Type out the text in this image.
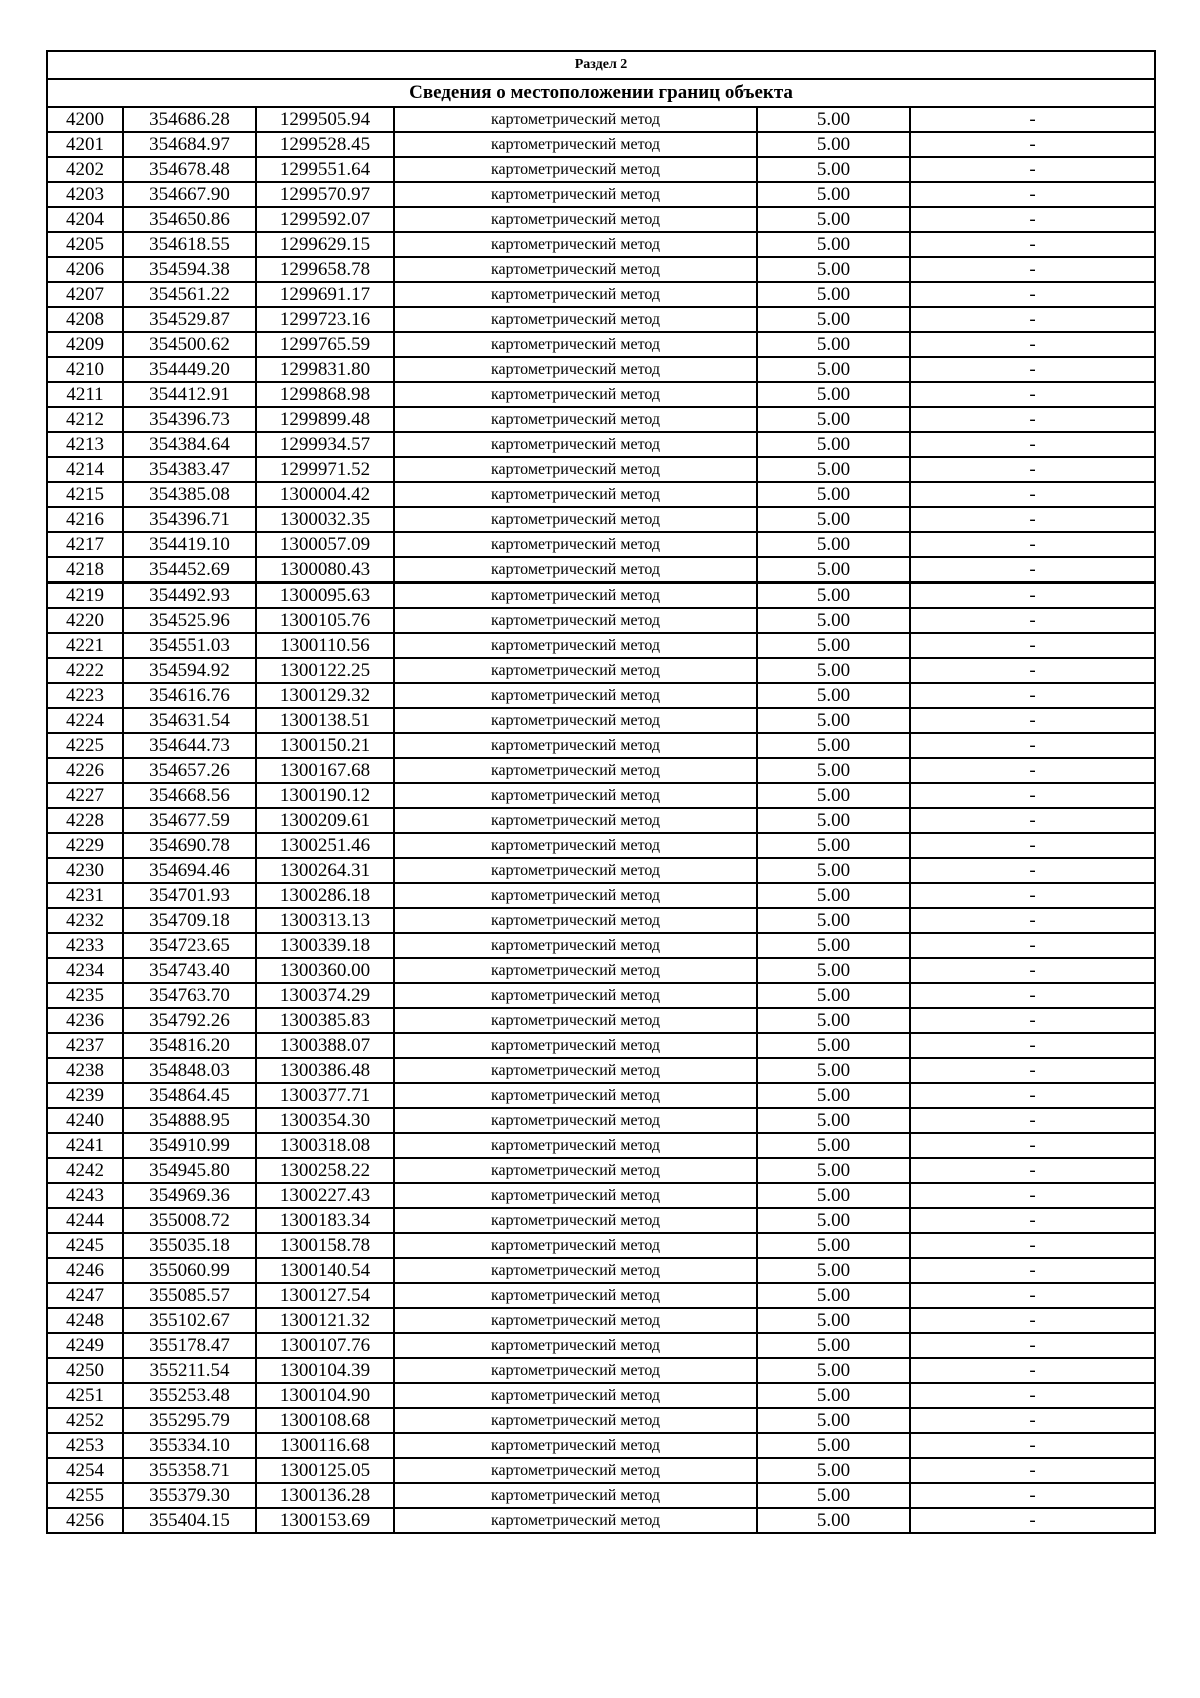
Раздел 2					
Сведения о местоположении границ объекта					
4200	354686.28	1299505.94	картометрический метод	5.00	-
4201	354684.97	1299528.45	картометрический метод	5.00	-
4202	354678.48	1299551.64	картометрический метод	5.00	-
4203	354667.90	1299570.97	картометрический метод	5.00	-
4204	354650.86	1299592.07	картометрический метод	5.00	-
4205	354618.55	1299629.15	картометрический метод	5.00	-
4206	354594.38	1299658.78	картометрический метод	5.00	-
4207	354561.22	1299691.17	картометрический метод	5.00	-
4208	354529.87	1299723.16	картометрический метод	5.00	-
4209	354500.62	1299765.59	картометрический метод	5.00	-
4210	354449.20	1299831.80	картометрический метод	5.00	-
4211	354412.91	1299868.98	картометрический метод	5.00	-
4212	354396.73	1299899.48	картометрический метод	5.00	-
4213	354384.64	1299934.57	картометрический метод	5.00	-
4214	354383.47	1299971.52	картометрический метод	5.00	-
4215	354385.08	1300004.42	картометрический метод	5.00	-
4216	354396.71	1300032.35	картометрический метод	5.00	-
4217	354419.10	1300057.09	картометрический метод	5.00	-
4218	354452.69	1300080.43	картометрический метод	5.00	-
4219	354492.93	1300095.63	картометрический метод	5.00	-
4220	354525.96	1300105.76	картометрический метод	5.00	-
4221	354551.03	1300110.56	картометрический метод	5.00	-
4222	354594.92	1300122.25	картометрический метод	5.00	-
4223	354616.76	1300129.32	картометрический метод	5.00	-
4224	354631.54	1300138.51	картометрический метод	5.00	-
4225	354644.73	1300150.21	картометрический метод	5.00	-
4226	354657.26	1300167.68	картометрический метод	5.00	-
4227	354668.56	1300190.12	картометрический метод	5.00	-
4228	354677.59	1300209.61	картометрический метод	5.00	-
4229	354690.78	1300251.46	картометрический метод	5.00	-
4230	354694.46	1300264.31	картометрический метод	5.00	-
4231	354701.93	1300286.18	картометрический метод	5.00	-
4232	354709.18	1300313.13	картометрический метод	5.00	-
4233	354723.65	1300339.18	картометрический метод	5.00	-
4234	354743.40	1300360.00	картометрический метод	5.00	-
4235	354763.70	1300374.29	картометрический метод	5.00	-
4236	354792.26	1300385.83	картометрический метод	5.00	-
4237	354816.20	1300388.07	картометрический метод	5.00	-
4238	354848.03	1300386.48	картометрический метод	5.00	-
4239	354864.45	1300377.71	картометрический метод	5.00	-
4240	354888.95	1300354.30	картометрический метод	5.00	-
4241	354910.99	1300318.08	картометрический метод	5.00	-
4242	354945.80	1300258.22	картометрический метод	5.00	-
4243	354969.36	1300227.43	картометрический метод	5.00	-
4244	355008.72	1300183.34	картометрический метод	5.00	-
4245	355035.18	1300158.78	картометрический метод	5.00	-
4246	355060.99	1300140.54	картометрический метод	5.00	-
4247	355085.57	1300127.54	картометрический метод	5.00	-
4248	355102.67	1300121.32	картометрический метод	5.00	-
4249	355178.47	1300107.76	картометрический метод	5.00	-
4250	355211.54	1300104.39	картометрический метод	5.00	-
4251	355253.48	1300104.90	картометрический метод	5.00	-
4252	355295.79	1300108.68	картометрический метод	5.00	-
4253	355334.10	1300116.68	картометрический метод	5.00	-
4254	355358.71	1300125.05	картометрический метод	5.00	-
4255	355379.30	1300136.28	картометрический метод	5.00	-
4256	355404.15	1300153.69	картометрический метод	5.00	-
